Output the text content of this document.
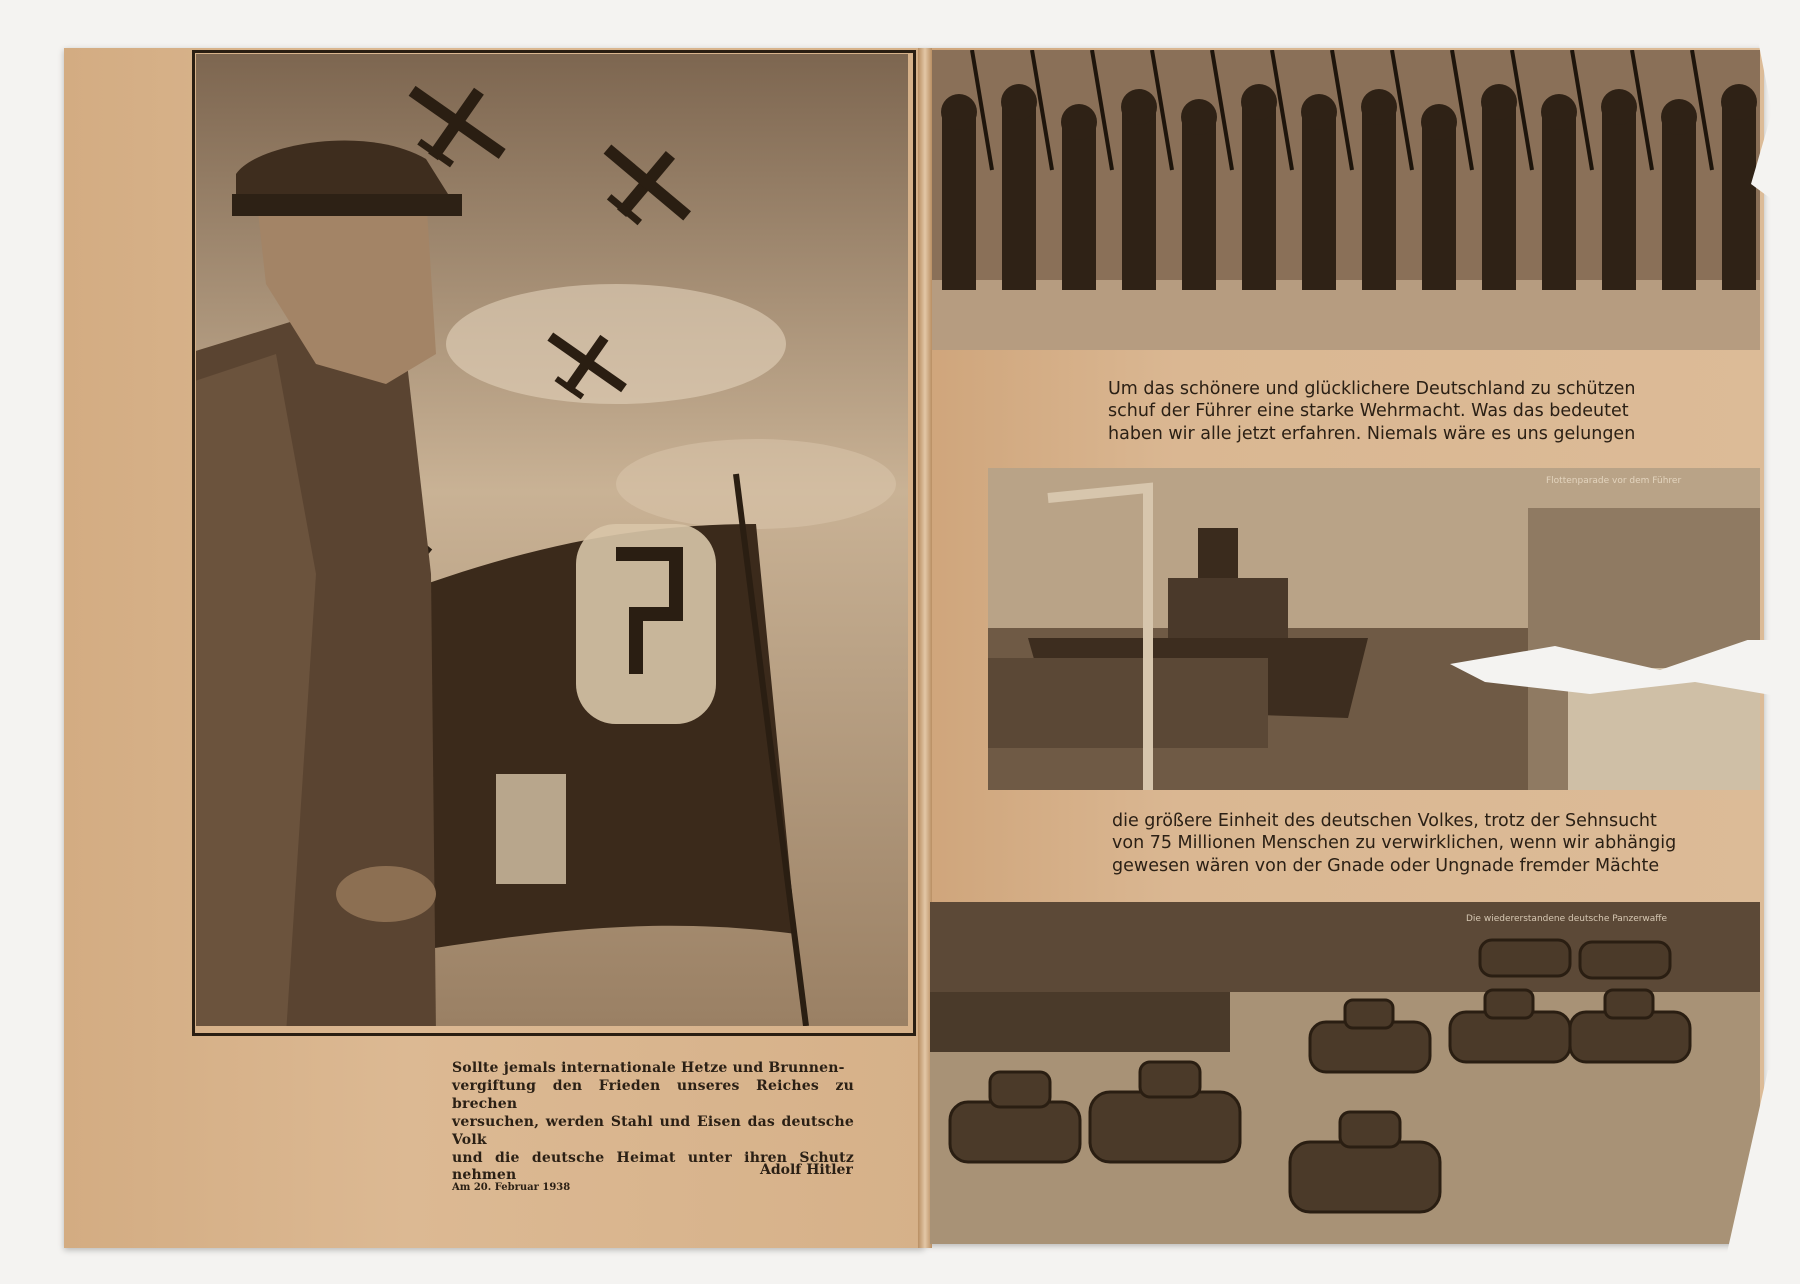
Sollte jemals internationale Hetze und Brunnen-
vergiftung den Frieden unseres Reiches zu brechen
versuchen, werden Stahl und Eisen das deutsche Volk
und die deutsche Heimat unter ihren Schutz nehmen	Adolf Hitler
Am 20. Februar 1938
Um das schönere und glücklichere Deutschland zu schützen
schuf der Führer eine starke Wehrmacht. Was das bedeutet
haben wir alle jetzt erfahren. Niemals wäre es uns gelungen
Flottenparade vor dem Führer
die größere Einheit des deutschen Volkes, trotz der Sehnsucht
von 75 Millionen Menschen zu verwirklichen, wenn wir abhängig
gewesen wären von der Gnade oder Ungnade fremder Mächte
Die wiedererstandene deutsche Panzerwaffe
